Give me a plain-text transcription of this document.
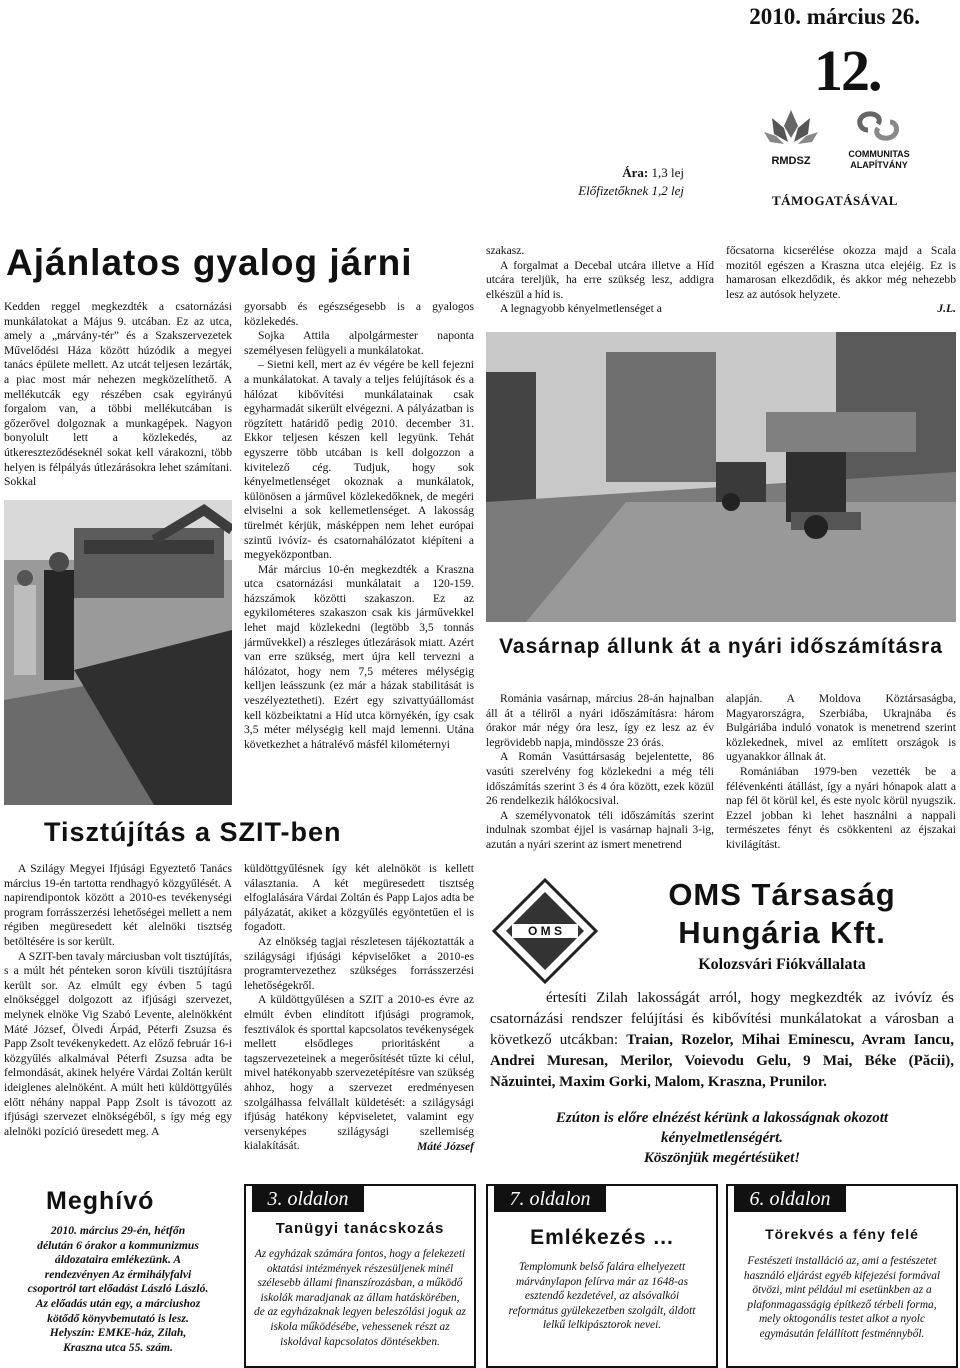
2010. március 26.
12.
RMDSZ
COMMUNITAS
ALAPÍTVÁNY
Ára: 1,3 lej
Előfizetőknek 1,2 lej
TÁMOGATÁSÁVAL
Ajánlatos gyalog járni

Kedden reggel megkezdték a csatornázási munkálatokat a Május 9. utcában. Ez az utca, amely a „márvány-tér” és a Szakszervezetek Művelődési Háza között húzódik a megyei tanács épülete mellett. Az utcát teljesen lezárták, a piac most már nehezen megközelíthető. A mellékutcák egy részében csak egyirányú forgalom van, a többi mellékutcában is gőzerővel dolgoznak a munkagépek. Nagyon bonyolult lett a közlekedés, az útkereszteződéseknél sokat kell várakozni, több helyen is félpályás útlezárásokra lehet számítani. Sokkal

gyorsabb és egészségesebb is a gyalogos közlekedés.

Sojka Attila alpolgármester naponta személyesen felügyeli a munkálatokat.

– Sietni kell, mert az év végére be kell fejezni a munkálatokat. A tavaly a teljes felújítások és a hálózat kibővítési munkálatainak csak egyharmadát sikerült elvégezni. A pályázatban is rögzített határidő pedig 2010. december 31. Ekkor teljesen készen kell legyünk. Tehát egyszerre több utcában is kell dolgozzon a kivitelező cég. Tudjuk, hogy sok kényelmetlenséget okoznak a munkálatok, különösen a járművel közlekedőknek, de megéri elviselni a sok kellemetlenséget. A lakosság türelmét kérjük, másképpen nem lehet európai szintű ivóvíz- és csatornahálózatot kiépíteni a megyeközpontban.

Már március 10-én megkezdték a Kraszna utca csatornázási munkálatait a 120-159. házszámok közötti szakaszon. Ez az egykilométeres szakaszon csak kis járművekkel lehet majd közlekedni (legtöbb 3,5 tonnás járművekkel) a részleges útlezárások miatt. Azért van erre szükség, mert újra kell tervezni a hálózatot, hogy nem 7,5 méteres mélységig kelljen leásszunk (ez már a házak stabilitását is veszélyeztetheti). Ezért egy szivattyúállomást kell közbeiktatni a Híd utca környékén, így csak 3,5 méter mélységig kell majd lemenni. Utána következhet a hátralévő másfél kilométernyi

szakasz.

A forgalmat a Decebal utcára illetve a Híd utcára tereljük, ha erre szükség lesz, addigra elkészül a híd is.

A legnagyobb kényelmetlenséget a

főcsatorna kicserélése okozza majd a Scala mozitól egészen a Kraszna utca elejéig. Ez is hamarosan elkezdődik, és akkor még nehezebb lesz az autósok helyzete.

J.L.
Vasárnap állunk át a nyári időszámításra

Románia vasárnap, március 28-án hajnalban áll át a téliről a nyári időszámításra: három órakor már négy óra lesz, így ez lesz az év legrövidebb napja, mindössze 23 órás.

A Román Vasúttársaság bejelentette, 86 vasúti szerelvény fog közlekedni a még téli időszámítás szerint 3 és 4 óra között, ezek közül 26 rendelkezik hálókocsival.

A személyvonatok téli időszámítás szerint indulnak szombat éjjel is vasárnap hajnali 3-ig, azután a nyári szerint az ismert menetrend

alapján. A Moldova Köztársaságba, Magyarországra, Szerbiába, Ukrajnába és Bulgáriába induló vonatok is menetrend szerint közlekednek, mivel az említett országok is ugyanakkor állnak át.

Romániában 1979-ben vezették be a félévenkénti átállást, így a nyári hónapok alatt a nap fél öt körül kel, és este nyolc körül nyugszik. Ezzel jobban ki lehet használni a nappali természetes fényt és csökkenteni az éjszakai kivilágítást.

Tisztújítás a SZIT-ben

A Szilágy Megyei Ifjúsági Egyeztető Tanács március 19-én tartotta rendhagyó közgyűlését. A napirendipontok között a 2010-es tevékenységi program forrásszerzési lehetőségei mellett a nem régiben megüresedett két alelnöki tisztség betöltésére is sor került.

A SZIT-ben tavaly márciusban volt tisztújítás, s a múlt hét pénteken soron kívüli tisztújításra került sor. Az elmúlt egy évben 5 tagú elnökséggel dolgozott az ifjúsági szervezet, melynek elnöke Vig Szabó Levente, alelnökként Máté József, Ölvedi Árpád, Péterfi Zsuzsa és Papp Zsolt tevékenykedett. Az előző február 16-i közgyűlés alkalmával Péterfi Zsuzsa adta be felmondását, akinek helyére Várdai Zoltán került ideiglenes alelnöként. A múlt heti küldöttgyűlés előtt néhány nappal Papp Zsolt is távozott az ifjúsági szervezet elnökségéből, s így még egy alelnöki pozíció üresedett meg. A

küldöttgyűlésnek így két alelnököt is kellett választania. A két megüresedett tisztség elfoglalására Várdai Zoltán és Papp Lajos adta be pályázatát, akiket a közgyűlés egyöntetűen el is fogadott.

Az elnökség tagjai részletesen tájékoztatták a szilágysági ifjúsági képviselőket a 2010-es programtervezethez szükséges forrásszerzési lehetőségekről.

A küldöttgyűlésen a SZIT a 2010-es évre az elmúlt évben elindított ifjúsági programok, fesztiválok és sporttal kapcsolatos tevékenységek mellett elsődleges prioritásként a tagszervezeteinek a megerősítését tűzte ki célul, mivel hatékonyabb szervezetépítésre van szükség ahhoz, hogy a szervezet eredményesen szolgálhassa felvállalt küldetését: a szilágysági ifjúság hatékony képviseletet, valamint egy versenyképes szilágysági szellemiség kialakítását.	Máté József
Meghívó
2010. március 29-én, hétfőn
délután 6 órakor a kommunizmus
áldozataira emlékezünk. A
rendezvényen Az érmihályfalvi
csoportról tart előadást László László.
Az előadás után egy, a márciushoz
kötődő könyvbemutató is lesz.
Helyszín: EMKE-ház, Zilah,
Kraszna utca 55. szám.
O M S
OMS Társaság
Hungária Kft.
Kolozsvári Fiókvállalata
értesíti Zilah lakosságát arról, hogy megkezdték az ivóvíz és csatornázási rendszer felújítási és kibővítési munkálatokat a városban a következő utcákban: Traian, Rozelor, Mihai Eminescu, Avram Iancu, Andrei Muresan, Merilor, Voievodu Gelu, 9 Mai, Béke (Păcii), Năzuintei, Maxim Gorki, Malom, Kraszna, Prunilor.
Ezúton is előre elnézést kérünk a lakosságnak okozott
kényelmetlenségért.
Köszönjük megértésüket!
3. oldalon
Tanügyi tanácskozás
Az egyházak számára fontos, hogy a felekezeti oktatási intézmények részesüljenek minél szélesebb állami finanszírozásban, a működő iskolák maradjanak az állam hatáskörében, de az egyházaknak legyen beleszólási joguk az iskola működésébe, vehessenek részt az iskolával kapcsolatos döntésekben.
7. oldalon
Emlékezés ...
Templomunk belső falára elhelyezett márványlapon felírva már az 1648-as esztendő kezdetével, az alsóvalkói református gyülekezetben szolgált, áldott lelkű lelkipásztorok nevei.
6. oldalon
Törekvés a fény felé
Festészeti installáció az, ami a festészetet használó eljárást egyéb kifejezési formával ötvözi, mint például mi esetünkben az a plafonmagasságig építkező térbeli forma, mely oktogonális testet alkot a nyolc egymásután felállított festménnyből.
